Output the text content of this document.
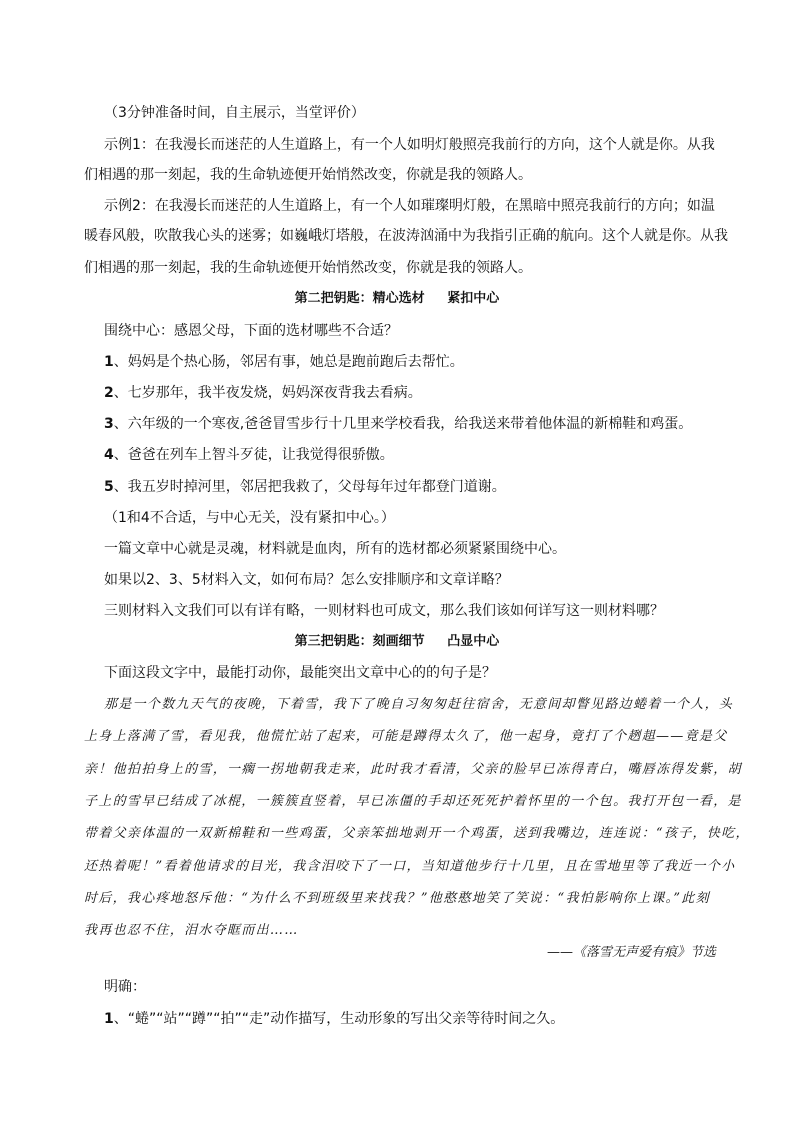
（3分钟准备时间，自主展示，当堂评价）
示例1：在我漫长而迷茫的人生道路上，有一个人如明灯般照亮我前行的方向，这个人就是你。从我
们相遇的那一刻起，我的生命轨迹便开始悄然改变，你就是我的领路人。
示例2：在我漫长而迷茫的人生道路上，有一个人如璀璨明灯般，在黑暗中照亮我前行的方向；如温
暖春风般，吹散我心头的迷雾；如巍峨灯塔般，在波涛汹涌中为我指引正确的航向。这个人就是你。从我
们相遇的那一刻起，我的生命轨迹便开始悄然改变，你就是我的领路人。
第二把钥匙：精心选材     紧扣中心
围绕中心：感恩父母，下面的选材哪些不合适？
1、妈妈是个热心肠，邻居有事，她总是跑前跑后去帮忙。
2、七岁那年，我半夜发烧，妈妈深夜背我去看病。
3、六年级的一个寒夜,爸爸冒雪步行十几里来学校看我，给我送来带着他体温的新棉鞋和鸡蛋。
4、爸爸在列车上智斗歹徒，让我觉得很骄傲。
5、我五岁时掉河里，邻居把我救了，父母每年过年都登门道谢。
（1和4不合适，与中心无关，没有紧扣中心。）
一篇文章中心就是灵魂，材料就是血肉，所有的选材都必须紧紧围绕中心。
如果以2、3、5材料入文，如何布局？怎么安排顺序和文章详略？
三则材料入文我们可以有详有略，一则材料也可成文，那么我们该如何详写这一则材料哪？
第三把钥匙：刻画细节     凸显中心
下面这段文字中，最能打动你，最能突出文章中心的的句子是？
那是一个数九天气的夜晚，下着雪，我下了晚自习匆匆赶往宿舍，无意间却瞥见路边蜷着一个人，头
上身上落满了雪，看见我，他慌忙站了起来，可能是蹲得太久了，他一起身，竟打了个趔趄——竟是父
亲！他拍拍身上的雪，一瘸一拐地朝我走来，此时我才看清，父亲的脸早已冻得青白，嘴唇冻得发紫，胡
子上的雪早已结成了冰棍，一簇簇直竖着，早已冻僵的手却还死死护着怀里的一个包。我打开包一看，是
带着父亲体温的一双新棉鞋和一些鸡蛋，父亲笨拙地剥开一个鸡蛋，送到我嘴边，连连说：“孩子，快吃，
还热着呢！”看着他请求的目光，我含泪咬下了一口，当知道他步行十几里，且在雪地里等了我近一个小
时后，我心疼地怒斥他：“为什么不到班级里来找我？”他憨憨地笑了笑说：“我怕影响你上课。”此刻
我再也忍不住，泪水夺眶而出……
——《落雪无声爱有痕》节选
明确：
1、“蜷”“站”“蹲”“拍”“走”动作描写，生动形象的写出父亲等待时间之久。
